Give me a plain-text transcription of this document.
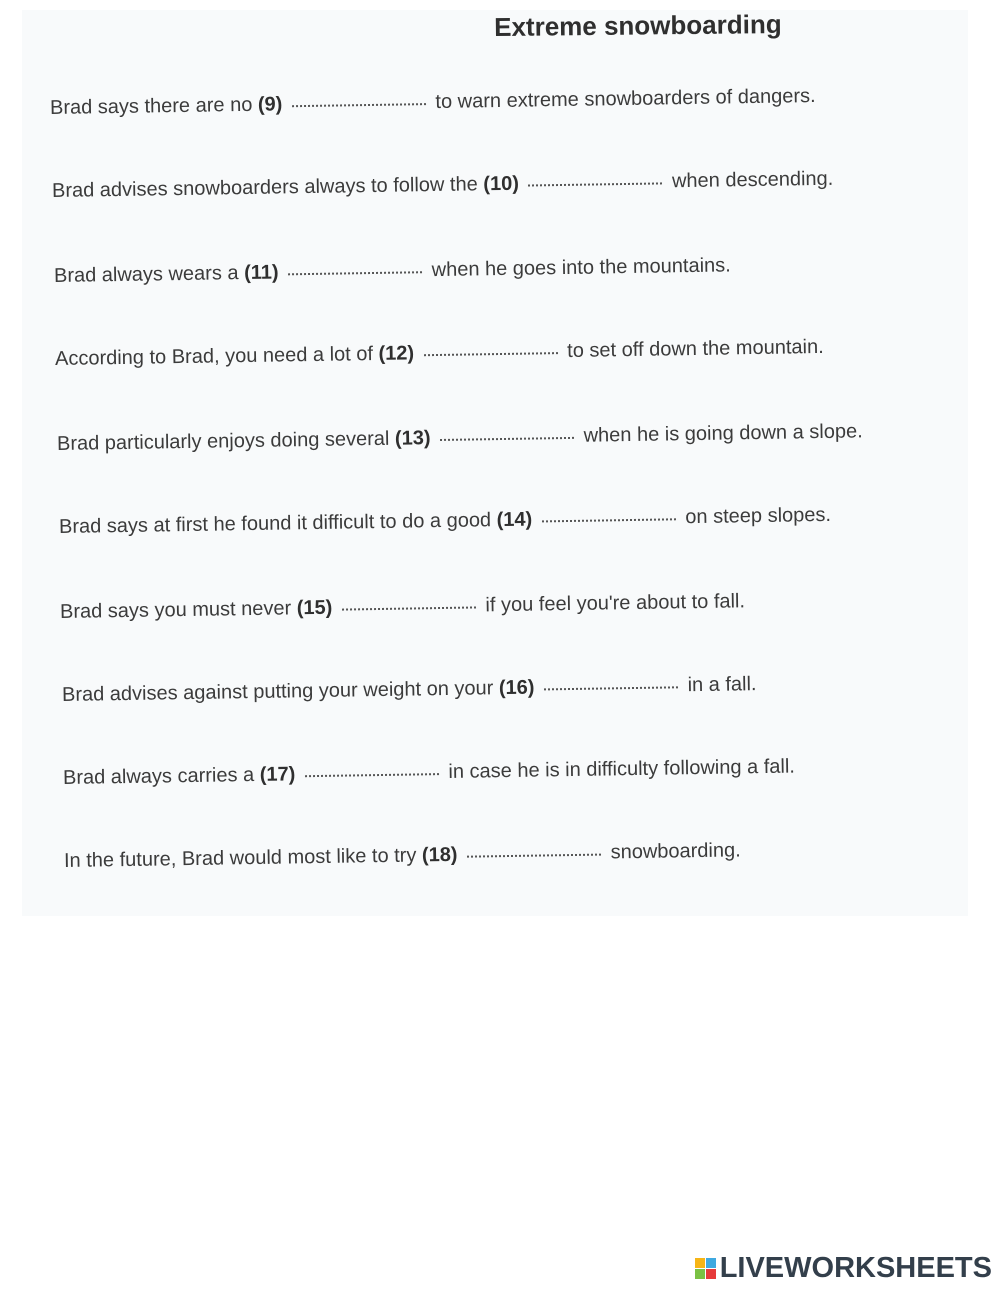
Extreme snowboarding
Brad says there are no (9)	to warn extreme snowboarders of dangers.
Brad advises snowboarders always to follow the (10)	when descending.
Brad always wears a (11)	when he goes into the mountains.
According to Brad, you need a lot of (12)	to set off down the mountain.
Brad particularly enjoys doing several (13)	when he is going down a slope.
Brad says at first he found it difficult to do a good (14)	on steep slopes.
Brad says you must never (15)	if you feel you're about to fall.
Brad advises against putting your weight on your (16)	in a fall.
Brad always carries a (17)	in case he is in difficulty following a fall.
In the future, Brad would most like to try (18)	snowboarding.
LIVEWORKSHEETS
